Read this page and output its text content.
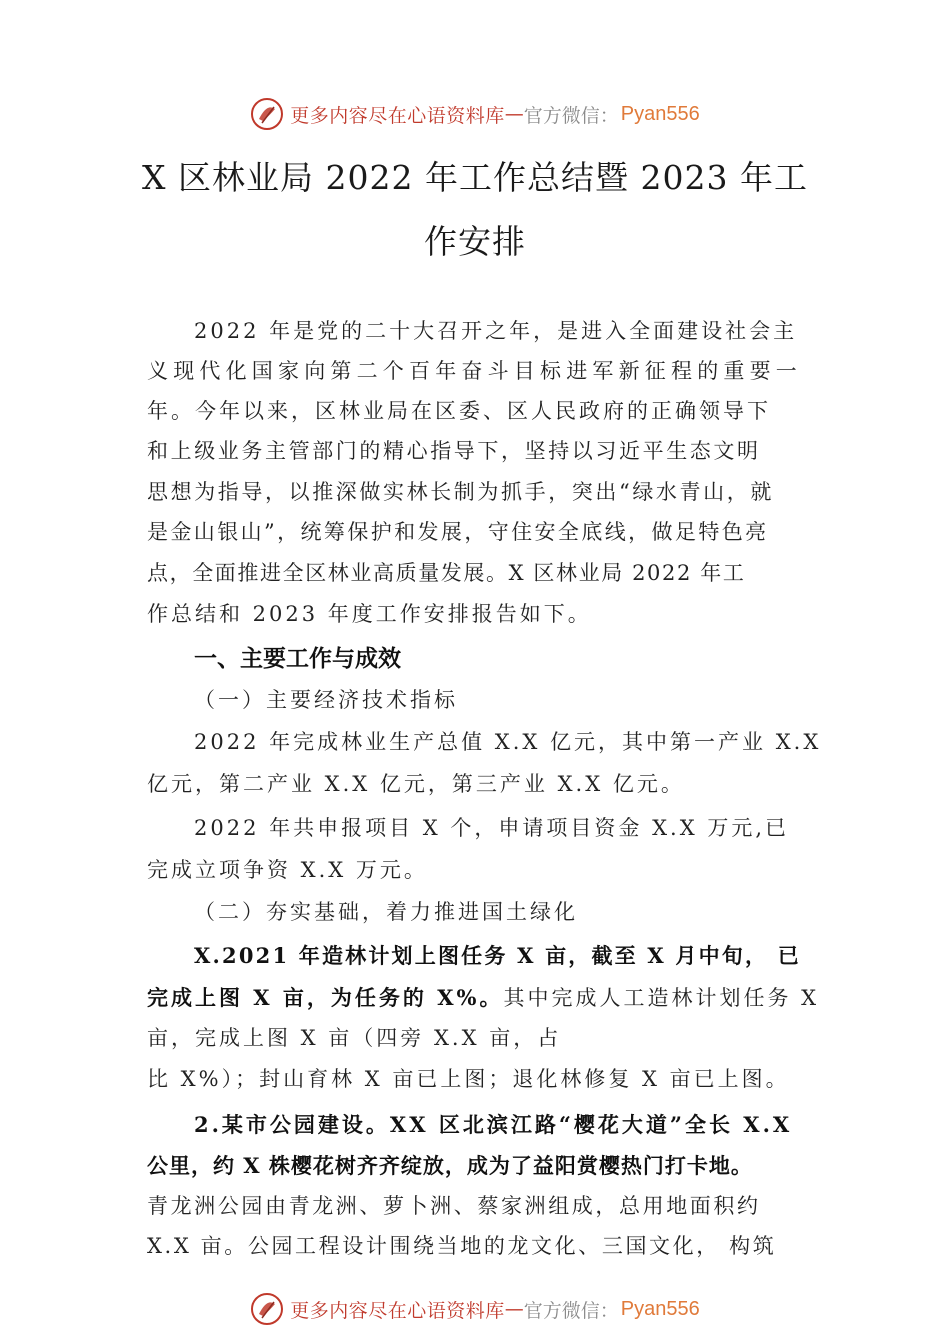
更多内容尽在心语资料库 — 官方微信： Pyan556
X 区林业局 2022 年工作总结暨 2023 年工
作安排
2022 年是党的二十大召开之年，是进入全面建设社会主
义现代化国家向第二个百年奋斗目标进军新征程的重要一
年。今年以来，区林业局在区委、区人民政府的正确领导下
和上级业务主管部门的精心指导下，坚持以习近平生态文明
思想为指导，以推深做实林长制为抓手，突出“绿水青山，就
是金山银山”，统筹保护和发展，守住安全底线，做足特色亮
点，全面推进全区林业高质量发展。X 区林业局 2022 年工
作总结和 2023 年度工作安排报告如下。
一、主要工作与成效
（一）主要经济技术指标
2022 年完成林业生产总值 X.X 亿元，其中第一产业 X.X
亿元，第二产业 X.X 亿元，第三产业 X.X 亿元。
2022 年共申报项目 X 个，申请项目资金 X.X 万元,已
完成立项争资 X.X 万元。
（二）夯实基础，着力推进国土绿化
X.2021 年造林计划上图任务 X 亩，截至 X 月中旬， 已
完成上图 X 亩，为任务的 X%。其中完成人工造林计划任务 X
亩，完成上图 X 亩（四旁 X.X 亩，占
比 X%）；封山育林 X 亩已上图；退化林修复 X 亩已上图。
2.某市公⁢园建设。XX 区北滨江路“樱花大道”全长 X.X
公里，约 X 株樱花树齐齐绽放，成为了益阳赏樱热门打卡地。
青龙洲公园由青龙洲、萝卜洲、蔡家洲组成，总用地面积约
X.X 亩。公园工程设计围绕当地的龙文化、三国文化， 构筑
更多内容尽在心语资料库 — 官方微信： Pyan556
